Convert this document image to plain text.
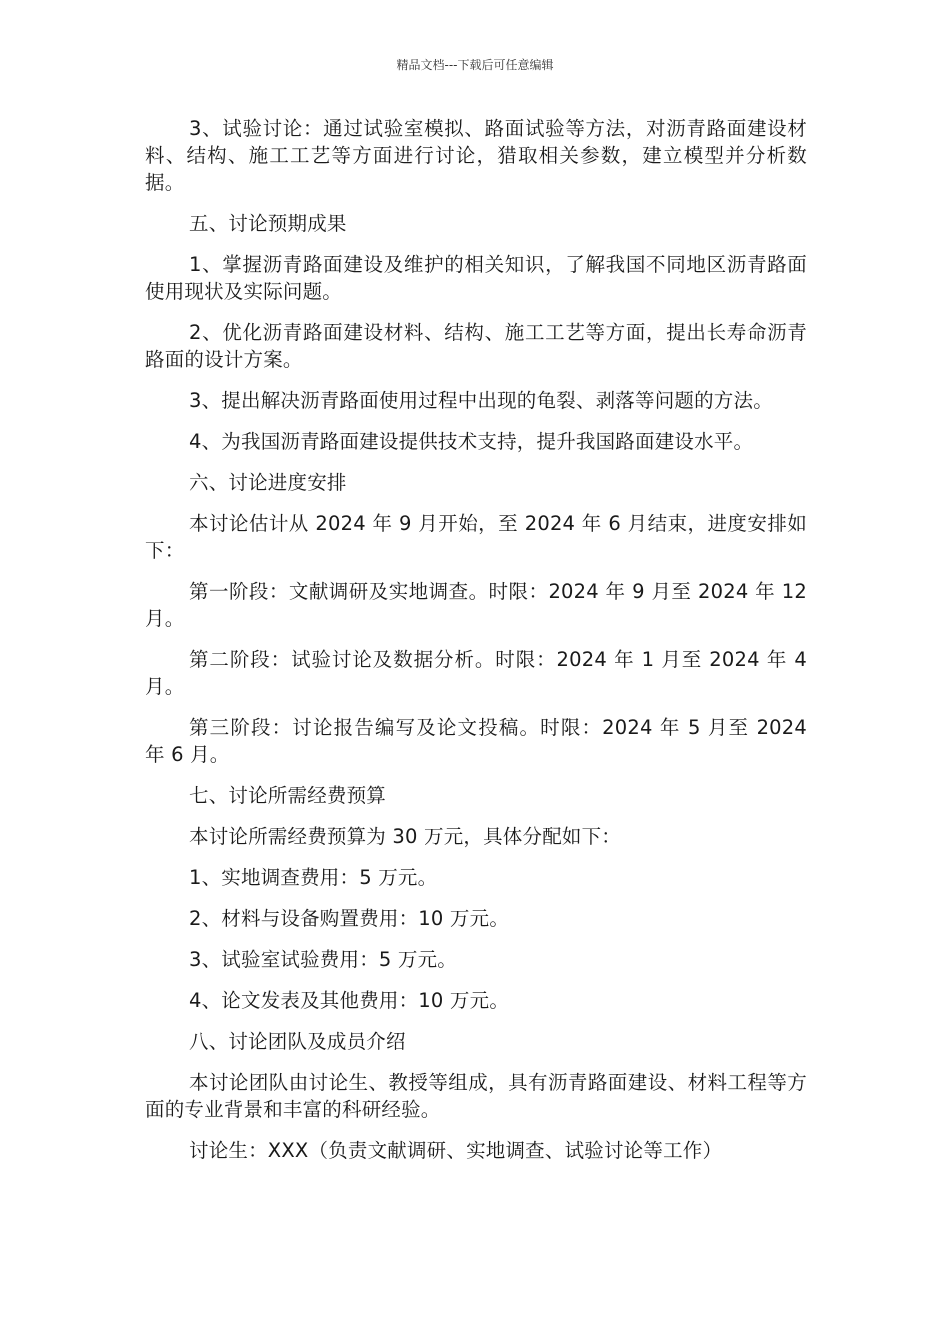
精品文档---下载后可任意编辑

3、试验讨论：通过试验室模拟、路面试验等方法，对沥青路面建设材料、结构、施工工艺等方面进行讨论，猎取相关参数，建立模型并分析数据。

五、讨论预期成果

1、掌握沥青路面建设及维护的相关知识，了解我国不同地区沥青路面使用现状及实际问题。

2、优化沥青路面建设材料、结构、施工工艺等方面，提出长寿命沥青路面的设计方案。

3、提出解决沥青路面使用过程中出现的龟裂、剥落等问题的方法。

4、为我国沥青路面建设提供技术支持，提升我国路面建设水平。

六、讨论进度安排

本讨论估计从 2024 年 9 月开始，至 2024 年 6 月结束，进度安排如下：

第一阶段：文献调研及实地调查。时限：2024 年 9 月至 2024 年 12 月。

第二阶段：试验讨论及数据分析。时限：2024 年 1 月至 2024 年 4 月。

第三阶段：讨论报告编写及论文投稿。时限：2024 年 5 月至 2024 年 6 月。

七、讨论所需经费预算

本讨论所需经费预算为 30 万元，具体分配如下：

1、实地调查费用：5 万元。

2、材料与设备购置费用：10 万元。

3、试验室试验费用：5 万元。

4、论文发表及其他费用：10 万元。

八、讨论团队及成员介绍

本讨论团队由讨论生、教授等组成，具有沥青路面建设、材料工程等方面的专业背景和丰富的科研经验。

讨论生：XXX（负责文献调研、实地调查、试验讨论等工作）
